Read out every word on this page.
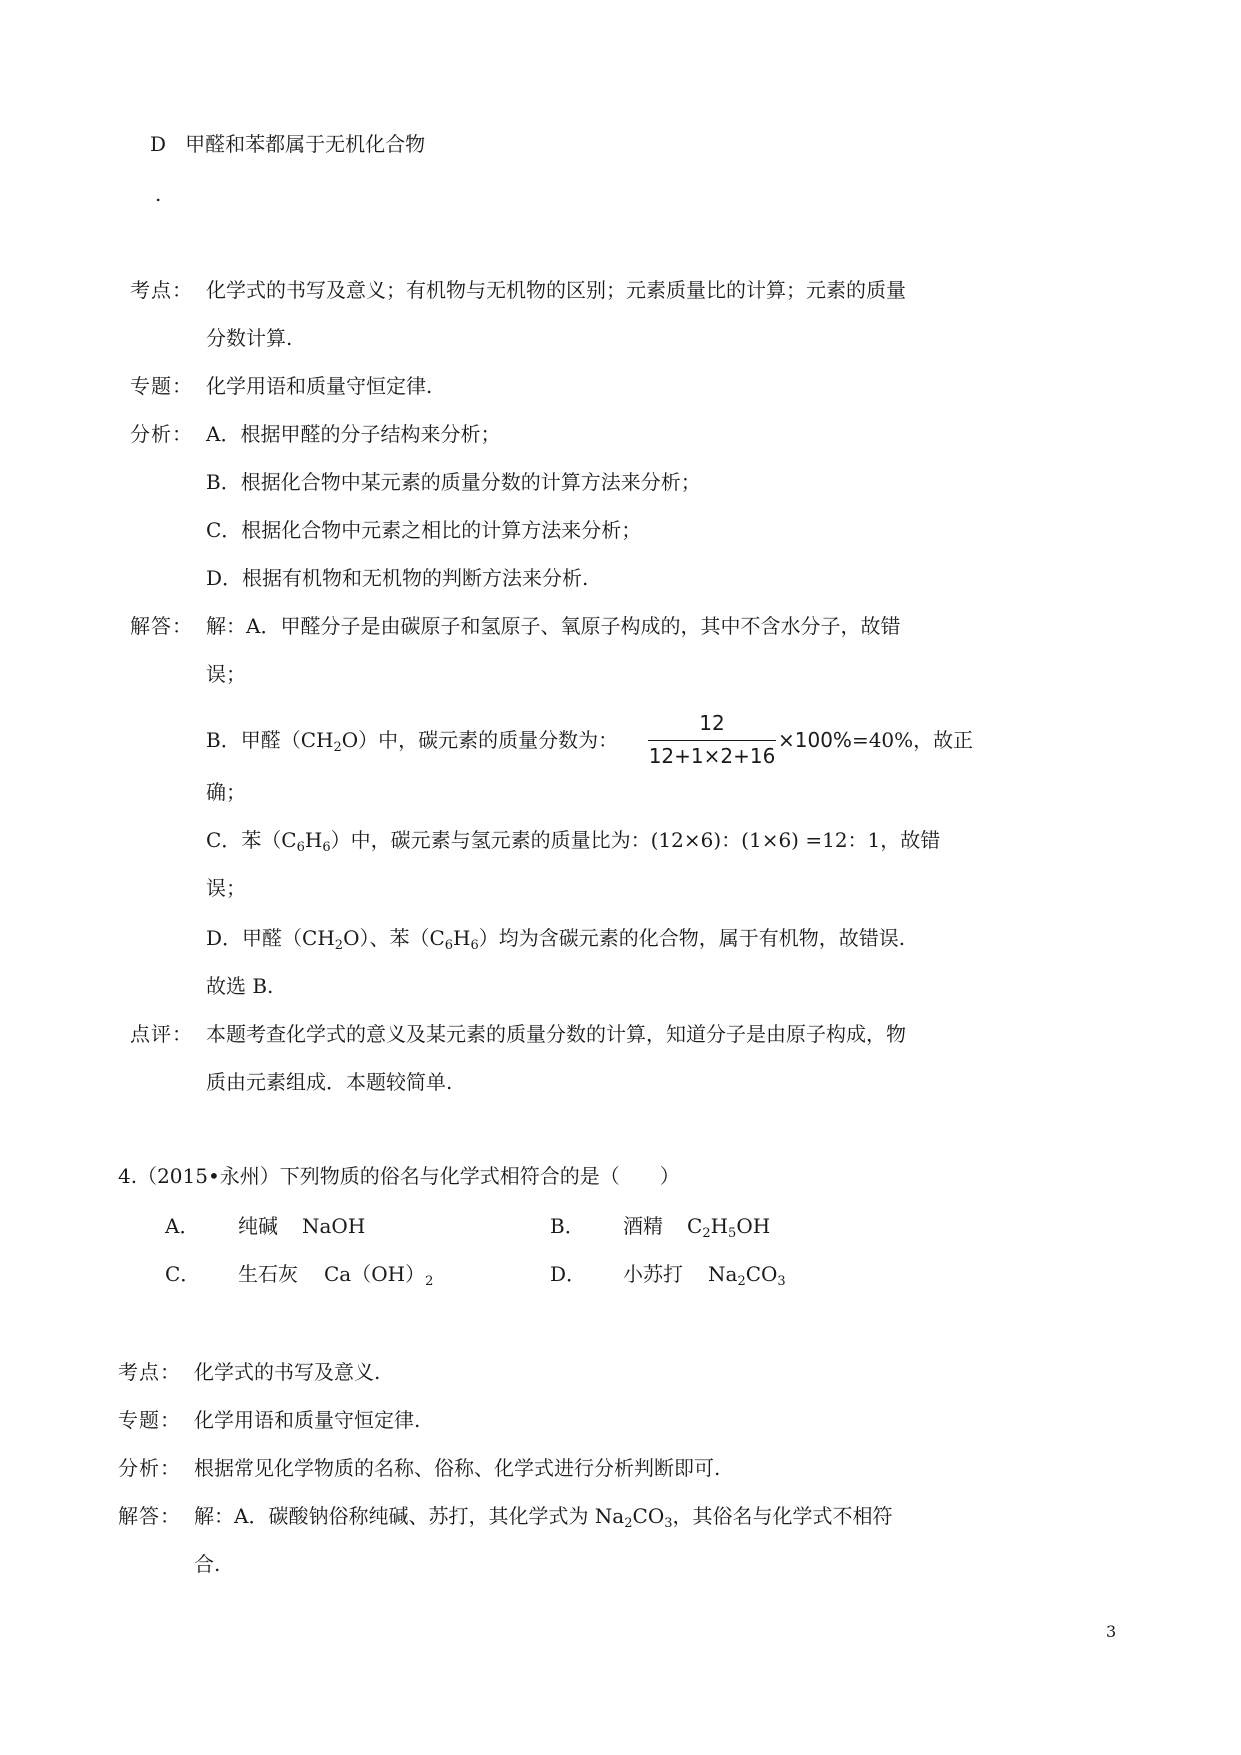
D 甲醛和苯都属于无机化合物
.
考点： 化学式的书写及意义；有机物与无机物的区别；元素质量比的计算；元素的质量
分数计算.
专题： 化学用语和质量守恒定律.
分析： A．根据甲醛的分子结构来分析；
B．根据化合物中某元素的质量分数的计算方法来分析；
C．根据化合物中元素之相比的计算方法来分析；
D．根据有机物和无机物的判断方法来分析.
解答： 解：A．甲醛分子是由碳原子和氢原子、氧原子构成的，其中不含水分子，故错
误；
B．甲醛$(CH_2O)$中，碳元素的质量分数为：
12
12+1×2+16
×100%=40%，故正
确；
C．苯$(C_6H_6)$中，碳元素与氢元素的质量比为：(12×6)：(1×6) =12：1，故错
误；
D．甲醛$(CH_2O)$、苯$(C_6H_6)$均为含碳元素的化合物，属于有机物，故错误.
故选 B.
点评： 本题考查化学式的意义及某元素的质量分数的计算，知道分子是由原子构成，物
质由元素组成．本题较简单.
4.（2015•永州）下列物质的俗名与化学式相符合的是（　　）
A． 纯碱 NaOH	B． 酒精 $C_2H_5OH$
C． 生石灰 $Ca(OH)_2$	D． 小苏打 $Na_2CO_3$
考点： 化学式的书写及意义.
专题： 化学用语和质量守恒定律.
分析： 根据常见化学物质的名称、俗称、化学式进行分析判断即可.
解答： 解：A．碳酸钠俗称纯碱、苏打，其化学式为 $Na_2CO_3$，其俗名与化学式不相符
合.
3
